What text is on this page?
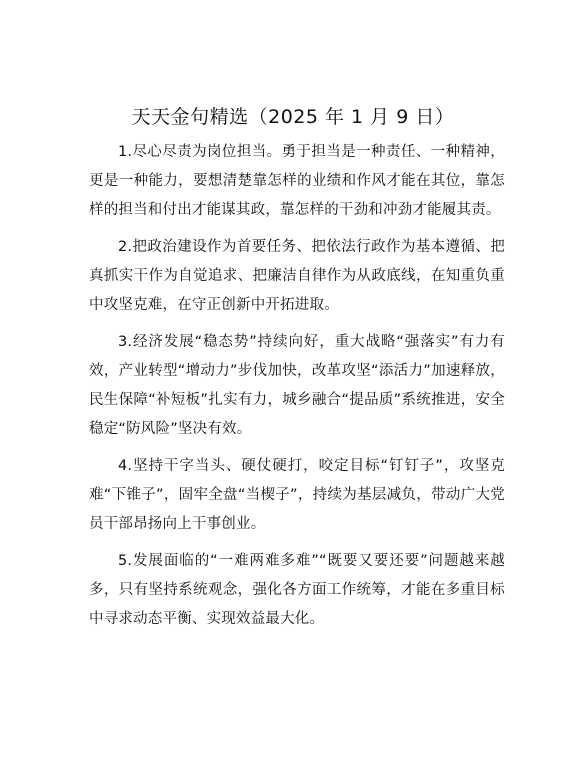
天天金句精选（2025 年 1 月 9 日）

1.尽心尽责为岗位担当。勇于担当是一种责任、一种精神，更是一种能力，要想清楚靠怎样的业绩和作风才能在其位，靠怎样的担当和付出才能谋其政，靠怎样的干劲和冲劲才能履其责。

2.把政治建设作为首要任务、把依法行政作为基本遵循、把真抓实干作为自觉追求、把廉洁自律作为从政底线，在知重负重中攻坚克难，在守正创新中开拓进取。

3.经济发展“稳态势”持续向好，重大战略“强落实”有力有效，产业转型“增动力”步伐加快，改革攻坚“添活力”加速释放，民生保障“补短板”扎实有力，城乡融合“提品质”系统推进，安全稳定“防风险”坚决有效。

4.坚持干字当头、硬仗硬打，咬定目标“钉钉子”，攻坚克难“下锥子”，固牢全盘“当楔子”，持续为基层减负，带动广大党员干部昂扬向上干事创业。

5.发展面临的“一难两难多难”“既要又要还要”问题越来越多，只有坚持系统观念，强化各方面工作统筹，才能在多重目标中寻求动态平衡、实现效益最大化。
